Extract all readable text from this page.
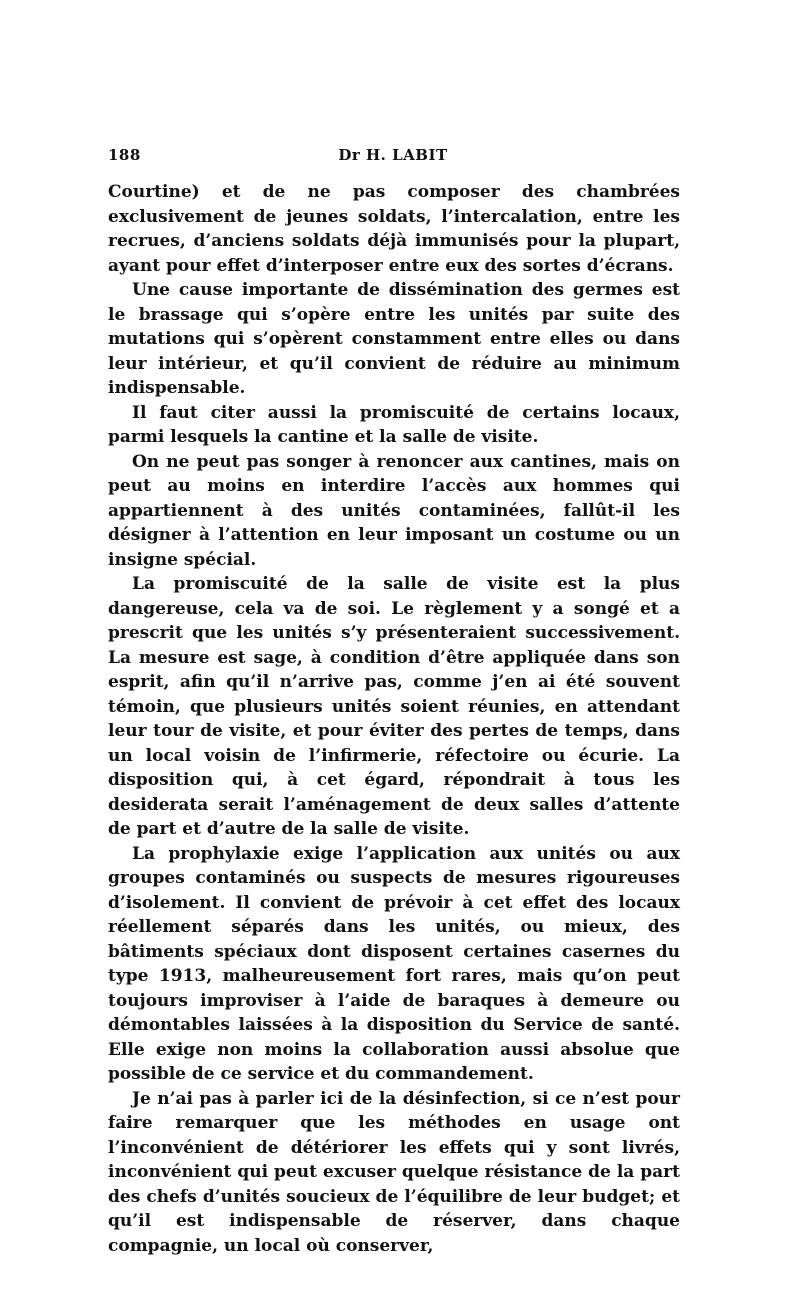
188	Dr H. LABIT

Courtine) et de ne pas composer des chambrées exclusivement de jeunes soldats, l’intercalation, entre les recrues, d’anciens soldats déjà immunisés pour la plupart, ayant pour effet d’interposer entre eux des sortes d’écrans.

Une cause importante de dissémination des germes est le brassage qui s’opère entre les unités par suite des mutations qui s’opèrent constamment entre elles ou dans leur intérieur, et qu’il convient de réduire au minimum indispensable.

Il faut citer aussi la promiscuité de certains locaux, parmi lesquels la cantine et la salle de visite.

On ne peut pas songer à renoncer aux cantines, mais on peut au moins en interdire l’accès aux hommes qui appartiennent à des unités contaminées, fallût-il les désigner à l’attention en leur imposant un costume ou un insigne spécial.

La promiscuité de la salle de visite est la plus dangereuse, cela va de soi. Le règlement y a songé et a prescrit que les unités s’y présenteraient successivement. La mesure est sage, à condition d’être appliquée dans son esprit, afin qu’il n’arrive pas, comme j’en ai été souvent témoin, que plusieurs unités soient réunies, en attendant leur tour de visite, et pour éviter des pertes de temps, dans un local voisin de l’infirmerie, réfectoire ou écurie. La disposition qui, à cet égard, répondrait à tous les desiderata serait l’aménagement de deux salles d’attente de part et d’autre de la salle de visite.

La prophylaxie exige l’application aux unités ou aux groupes contaminés ou suspects de mesures rigoureuses d’isolement. Il convient de prévoir à cet effet des locaux réellement séparés dans les unités, ou mieux, des bâtiments spéciaux dont disposent certaines casernes du type 1913, malheureusement fort rares, mais qu’on peut toujours improviser à l’aide de baraques à demeure ou démontables laissées à la disposition du Service de santé. Elle exige non moins la collaboration aussi absolue que possible de ce service et du commandement.

Je n’ai pas à parler ici de la désinfection, si ce n’est pour faire remarquer que les méthodes en usage ont l’inconvénient de détériorer les effets qui y sont livrés, inconvénient qui peut excuser quelque résistance de la part des chefs d’unités soucieux de l’équilibre de leur budget; et qu’il est indispensable de réserver, dans chaque compagnie, un local où conserver,
